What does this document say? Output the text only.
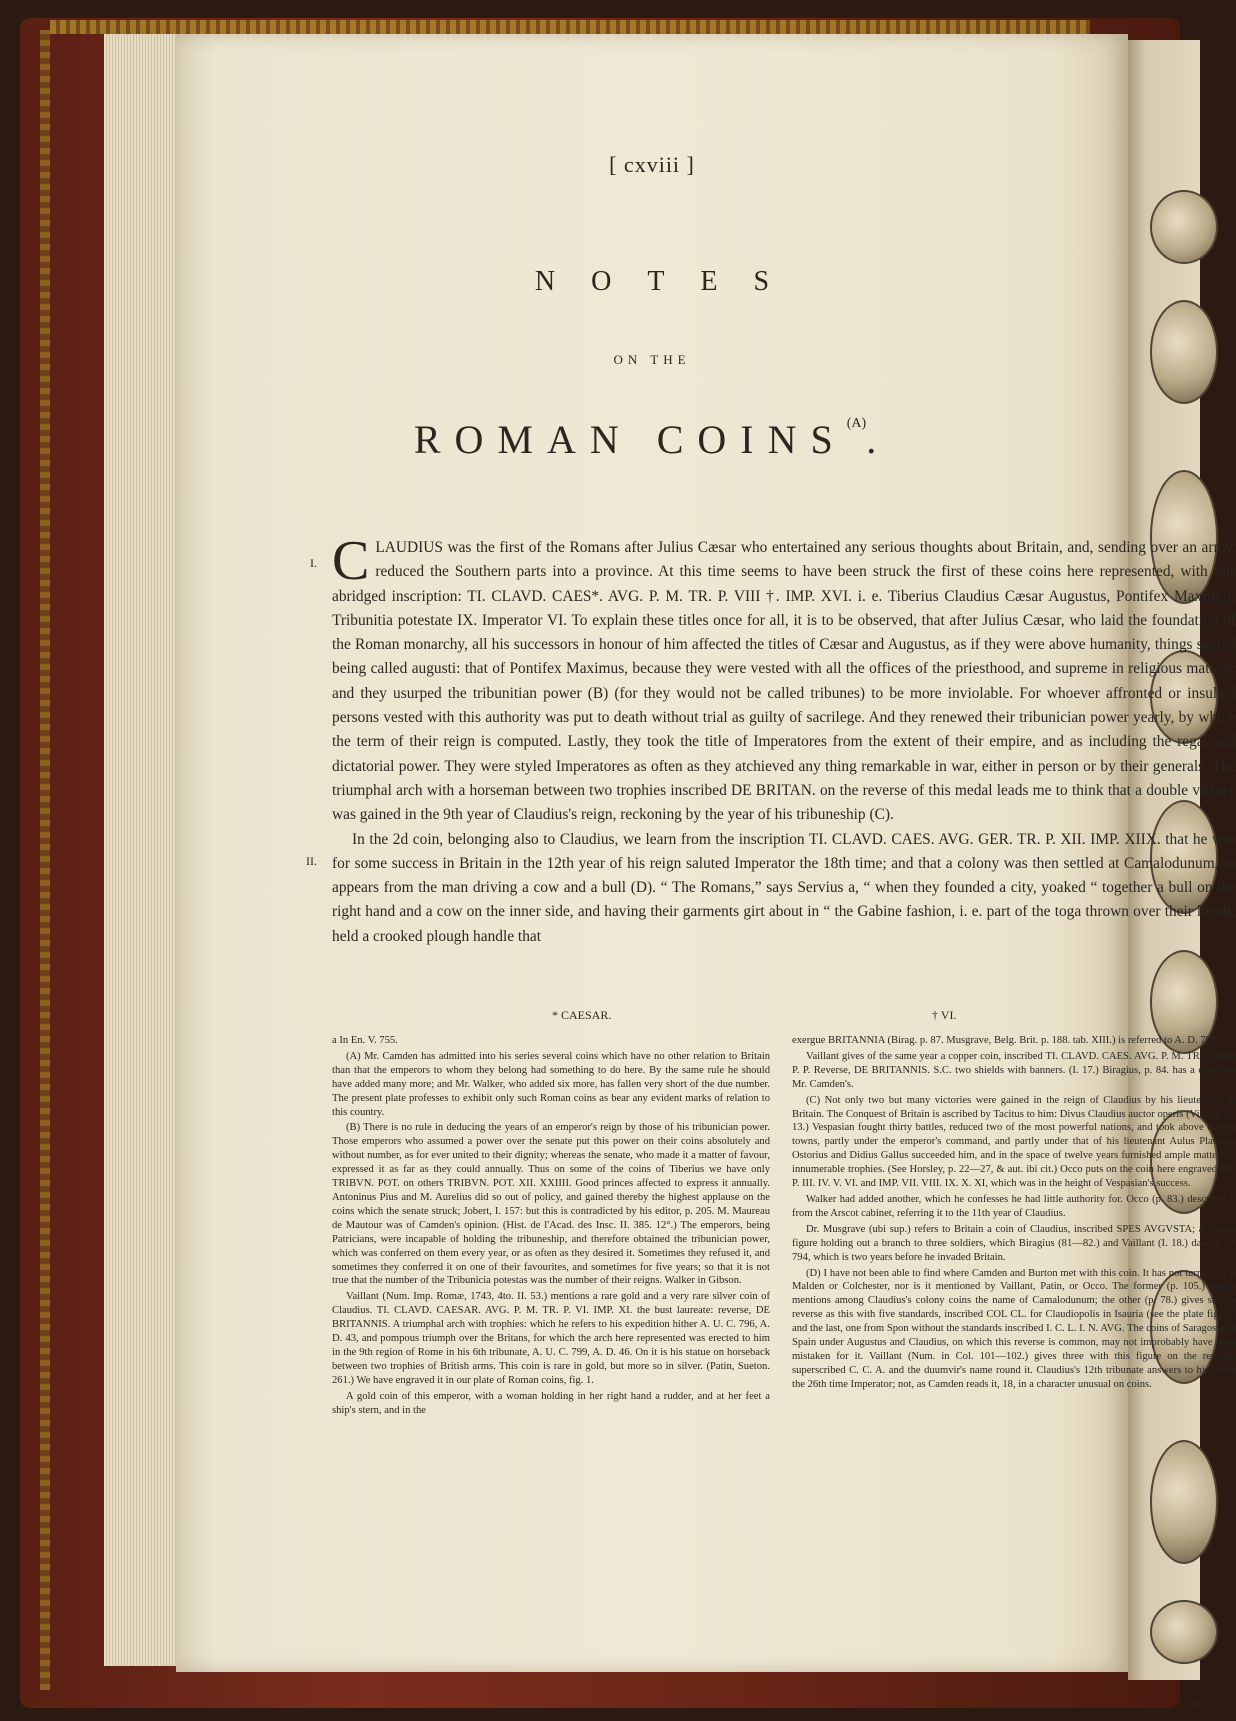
[ cxviii ]
NOTES
ON THE
ROMAN $COINS^{(A)}$.
I.
II.

CLAUDIUS was the first of the Romans after Julius Cæsar who entertained any serious thoughts about Britain, and, sending over an army, reduced the Southern parts into a province. At this time seems to have been struck the first of these coins here represented, with this abridged inscription: TI. CLAVD. CAES*. AVG. P. M. TR. P. VIII †. IMP. XVI. i. e. Tiberius Claudius Cæsar Augustus, Pontifex Maximus, Tribunitia potestate IX. Imperator VI. To explain these titles once for all, it is to be observed, that after Julius Cæsar, who laid the foundation of the Roman monarchy, all his successors in honour of him affected the titles of Cæsar and Augustus, as if they were above humanity, things sacred being called augusti: that of Pontifex Maximus, because they were vested with all the offices of the priesthood, and supreme in religious matters: and they usurped the tribunitian power (B) (for they would not be called tribunes) to be more inviolable. For whoever affronted or insulted persons vested with this authority was put to death without trial as guilty of sacrilege. And they renewed their tribunician power yearly, by which the term of their reign is computed. Lastly, they took the title of Imperatores from the extent of their empire, and as including the regal and dictatorial power. They were styled Imperatores as often as they atchieved any thing remarkable in war, either in person or by their generals. The triumphal arch with a horseman between two trophies inscribed DE BRITAN. on the reverse of this medal leads me to think that a double victory was gained in the 9th year of Claudius's reign, reckoning by the year of his tribuneship (C).

In the 2d coin, belonging also to Claudius, we learn from the inscription TI. CLAVD. CAES. AVG. GER. TR. P. XII. IMP. XIIX. that he was for some success in Britain in the 12th year of his reign saluted Imperator the 18th time; and that a colony was then settled at Camalodunum, as appears from the man driving a cow and a bull (D). “ The Romans,” says Servius a, “ when they founded a city, yoaked “ together a bull on the right hand and a cow on the inner side, and having their garments girt about in “ the Gabine fashion, i. e. part of the toga thrown over their heads, held a crooked plough handle that

* CAESAR.	† VI.

a In En. V. 755.

(A) Mr. Camden has admitted into his series several coins which have no other relation to Britain than that the emperors to whom they belong had something to do here. By the same rule he should have added many more; and Mr. Walker, who added six more, has fallen very short of the due number. The present plate professes to exhibit only such Roman coins as bear any evident marks of relation to this country.

(B) There is no rule in deducing the years of an emperor's reign by those of his tribunician power. Those emperors who assumed a power over the senate put this power on their coins absolutely and without number, as for ever united to their dignity; whereas the senate, who made it a matter of favour, expressed it as far as they could annually. Thus on some of the coins of Tiberius we have only TRIBVN. POT. on others TRIBVN. POT. XII. XXIIII. Good princes affected to express it annually. Antoninus Pius and M. Aurelius did so out of policy, and gained thereby the highest applause on the coins which the senate struck; Jobert, I. 157: but this is contradicted by his editor, p. 205. M. Maureau de Mautour was of Camden's opinion. (Hist. de l'Acad. des Insc. II. 385. 12°.) The emperors, being Patricians, were incapable of holding the tribuneship, and therefore obtained the tribunician power, which was conferred on them every year, or as often as they desired it. Sometimes they refused it, and sometimes they conferred it on one of their favourites, and sometimes for five years; so that it is not true that the number of the Tribunicia potestas was the number of their reigns. Walker in Gibson.

Vaillant (Num. Imp. Romæ, 1743, 4to. II. 53.) mentions a rare gold and a very rare silver coin of Claudius. TI. CLAVD. CAESAR. AVG. P. M. TR. P. VI. IMP. XI. the bust laureate: reverse, DE BRITANNIS. A triumphal arch with trophies: which he refers to his expedition hither A. U. C. 796, A. D. 43, and pompous triumph over the Britans, for which the arch here represented was erected to him in the 9th region of Rome in his 6th tribunate, A. U. C. 799, A. D. 46. On it is his statue on horseback between two trophies of British arms. This coin is rare in gold, but more so in silver. (Patin, Sueton. 261.) We have engraved it in our plate of Roman coins, fig. 1.

A gold coin of this emperor, with a woman holding in her right hand a rudder, and at her feet a ship's stern, and in the

exergue BRITANNIA (Birag. p. 87. Musgrave, Belg. Brit. p. 188. tab. XIII.) is referred to A. D. 799.

Vaillant gives of the same year a copper coin, inscribed TI. CLAVD. CAES. AVG. P. M. TR. P. IMP. P. P. Reverse, DE BRITANNIS. S.C. two shields with banners. (I. 17.) Biragius, p. 84. has a coin like Mr. Camden's.

(C) Not only two but many victories were gained in the reign of Claudius by his lieutenants in Britain. The Conquest of Britain is ascribed by Tacitus to him: Divus Claudius auctor operis (Vit. Agr. c. 13.) Vespasian fought thirty battles, reduced two of the most powerful nations, and took above twenty towns, partly under the emperor's command, and partly under that of his lieutenant Aulus Plautius. Ostorius and Didius Gallus succeeded him, and in the space of twelve years furnished ample matter for innumerable trophies. (See Horsley, p. 22—27, & aut. ibi cit.) Occo puts on the coin here engraved TR. P. III. IV. V. VI. and IMP. VII. VIII. IX. X. XI, which was in the height of Vespasian's success.

Walker had added another, which he confesses he had little authority for. Occo (p. 83.) describes it from the Arscot cabinet, referring it to the 11th year of Claudius.

Dr. Musgrave (ubi sup.) refers to Britain a coin of Claudius, inscribed SPES AVGVSTA; a female figure holding out a branch to three soldiers, which Biragius (81—82.) and Vaillant (I. 18.) date A. D. 794, which is two years before he invaded Britain.

(D) I have not been able to find where Camden and Burton met with this coin. It has not turned up at Malden or Colchester, nor is it mentioned by Vaillant, Patin, or Occo. The former (p. 105.) barely mentions among Claudius's colony coins the name of Camalodunum; the other (p. 78.) gives such a reverse as this with five standards, inscribed COL CL. for Claudiopolis in Isauria (see the plate fig. 2.) and the last, one from Spon without the standards inscribed I. C. L. I. N. AVG. The coins of Saragossa in Spain under Augustus and Claudius, on which this reverse is common, may not improbably have been mistaken for it. Vaillant (Num. in Col. 101—102.) gives three with this figure on the reverse, superscribed C. C. A. and the duumvir's name round it. Claudius's 12th tribunate answers to his being the 26th time Imperator; not, as Camden reads it, 18, in a character unusual on coins.

“ all
